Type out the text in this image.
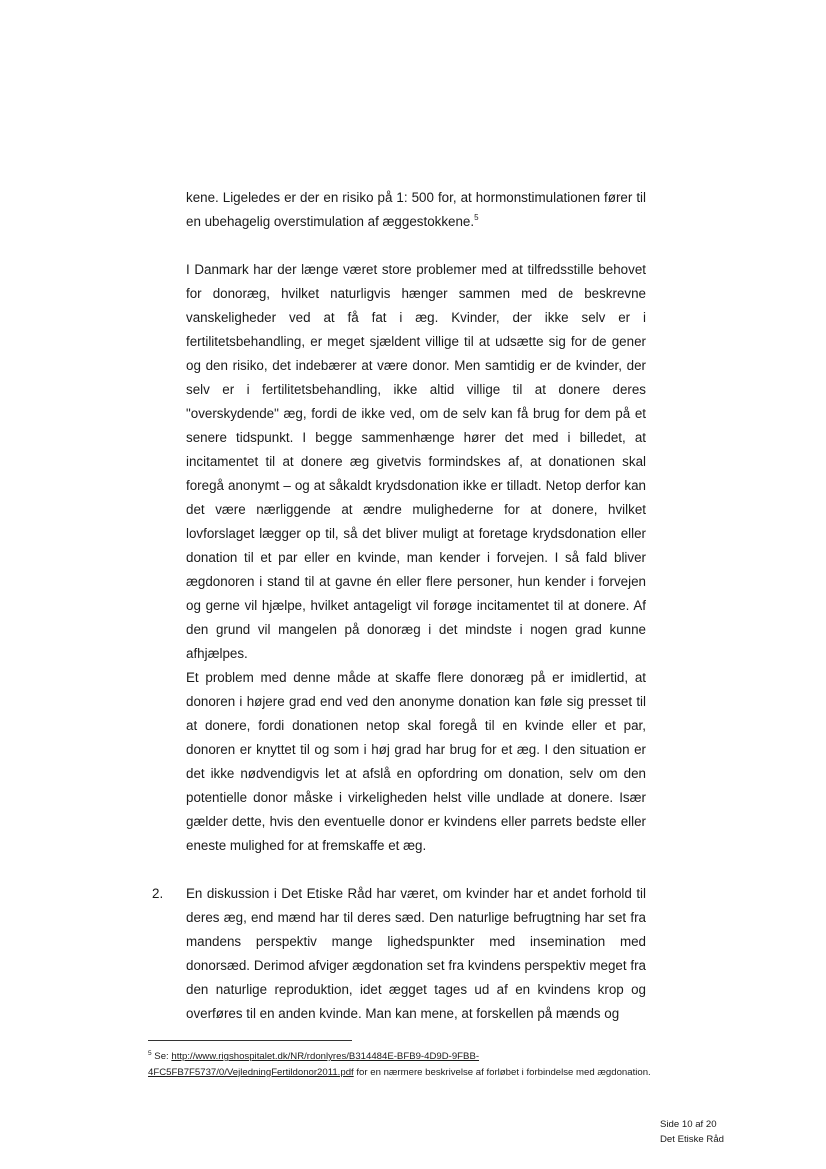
kene. Ligeledes er der en risiko på 1: 500 for, at hormonstimulationen fører til en ubehagelig overstimulation af æggestokkene.$^5$

I Danmark har der længe været store problemer med at tilfredsstille behovet for donoræg, hvilket naturligvis hænger sammen med de beskrevne vanskeligheder ved at få fat i æg. Kvinder, der ikke selv er i fertilitetsbehandling, er meget sjældent villige til at udsætte sig for de gener og den risiko, det indebærer at være donor. Men samtidig er de kvinder, der selv er i fertilitetsbehandling, ikke altid villige til at donere deres "overskydende" æg, fordi de ikke ved, om de selv kan få brug for dem på et senere tidspunkt. I begge sammenhænge hører det med i billedet, at incitamentet til at donere æg givetvis formindskes af, at donationen skal foregå anonymt – og at såkaldt krydsdonation ikke er tilladt. Netop derfor kan det være nærliggende at ændre mulighederne for at donere, hvilket lovforslaget lægger op til, så det bliver muligt at foretage krydsdonation eller donation til et par eller en kvinde, man kender i forvejen. I så fald bliver ægdonoren i stand til at gavne én eller flere personer, hun kender i forvejen og gerne vil hjælpe, hvilket antageligt vil forøge incitamentet til at donere. Af den grund vil mangelen på donoræg i det mindste i nogen grad kunne afhjælpes.

Et problem med denne måde at skaffe flere donoræg på er imidlertid, at donoren i højere grad end ved den anonyme donation kan føle sig presset til at donere, fordi donationen netop skal foregå til en kvinde eller et par, donoren er knyttet til og som i høj grad har brug for et æg. I den situation er det ikke nødvendigvis let at afslå en opfordring om donation, selv om den potentielle donor måske i virkeligheden helst ville undlade at donere. Især gælder dette, hvis den eventuelle donor er kvindens eller parrets bedste eller eneste mulighed for at fremskaffe et æg.

2. En diskussion i Det Etiske Råd har været, om kvinder har et andet forhold til deres æg, end mænd har til deres sæd. Den naturlige befrugtning har set fra mandens perspektiv mange lighedspunkter med insemination med donorsæd. Derimod afviger ægdonation set fra kvindens perspektiv meget fra den naturlige reproduktion, idet ægget tages ud af en kvindens krop og overføres til en anden kvinde. Man kan mene, at forskellen på mænds og

$^5$ Se: http://www.rigshospitalet.dk/NR/rdonlyres/B314484E-BFB9-4D9D-9FBB-4FC5FB7F5737/0/VejledningFertildonor2011.pdf for en nærmere beskrivelse af forløbet i forbindelse med ægdonation.

Side 10 af 20
Det Etiske Råd
